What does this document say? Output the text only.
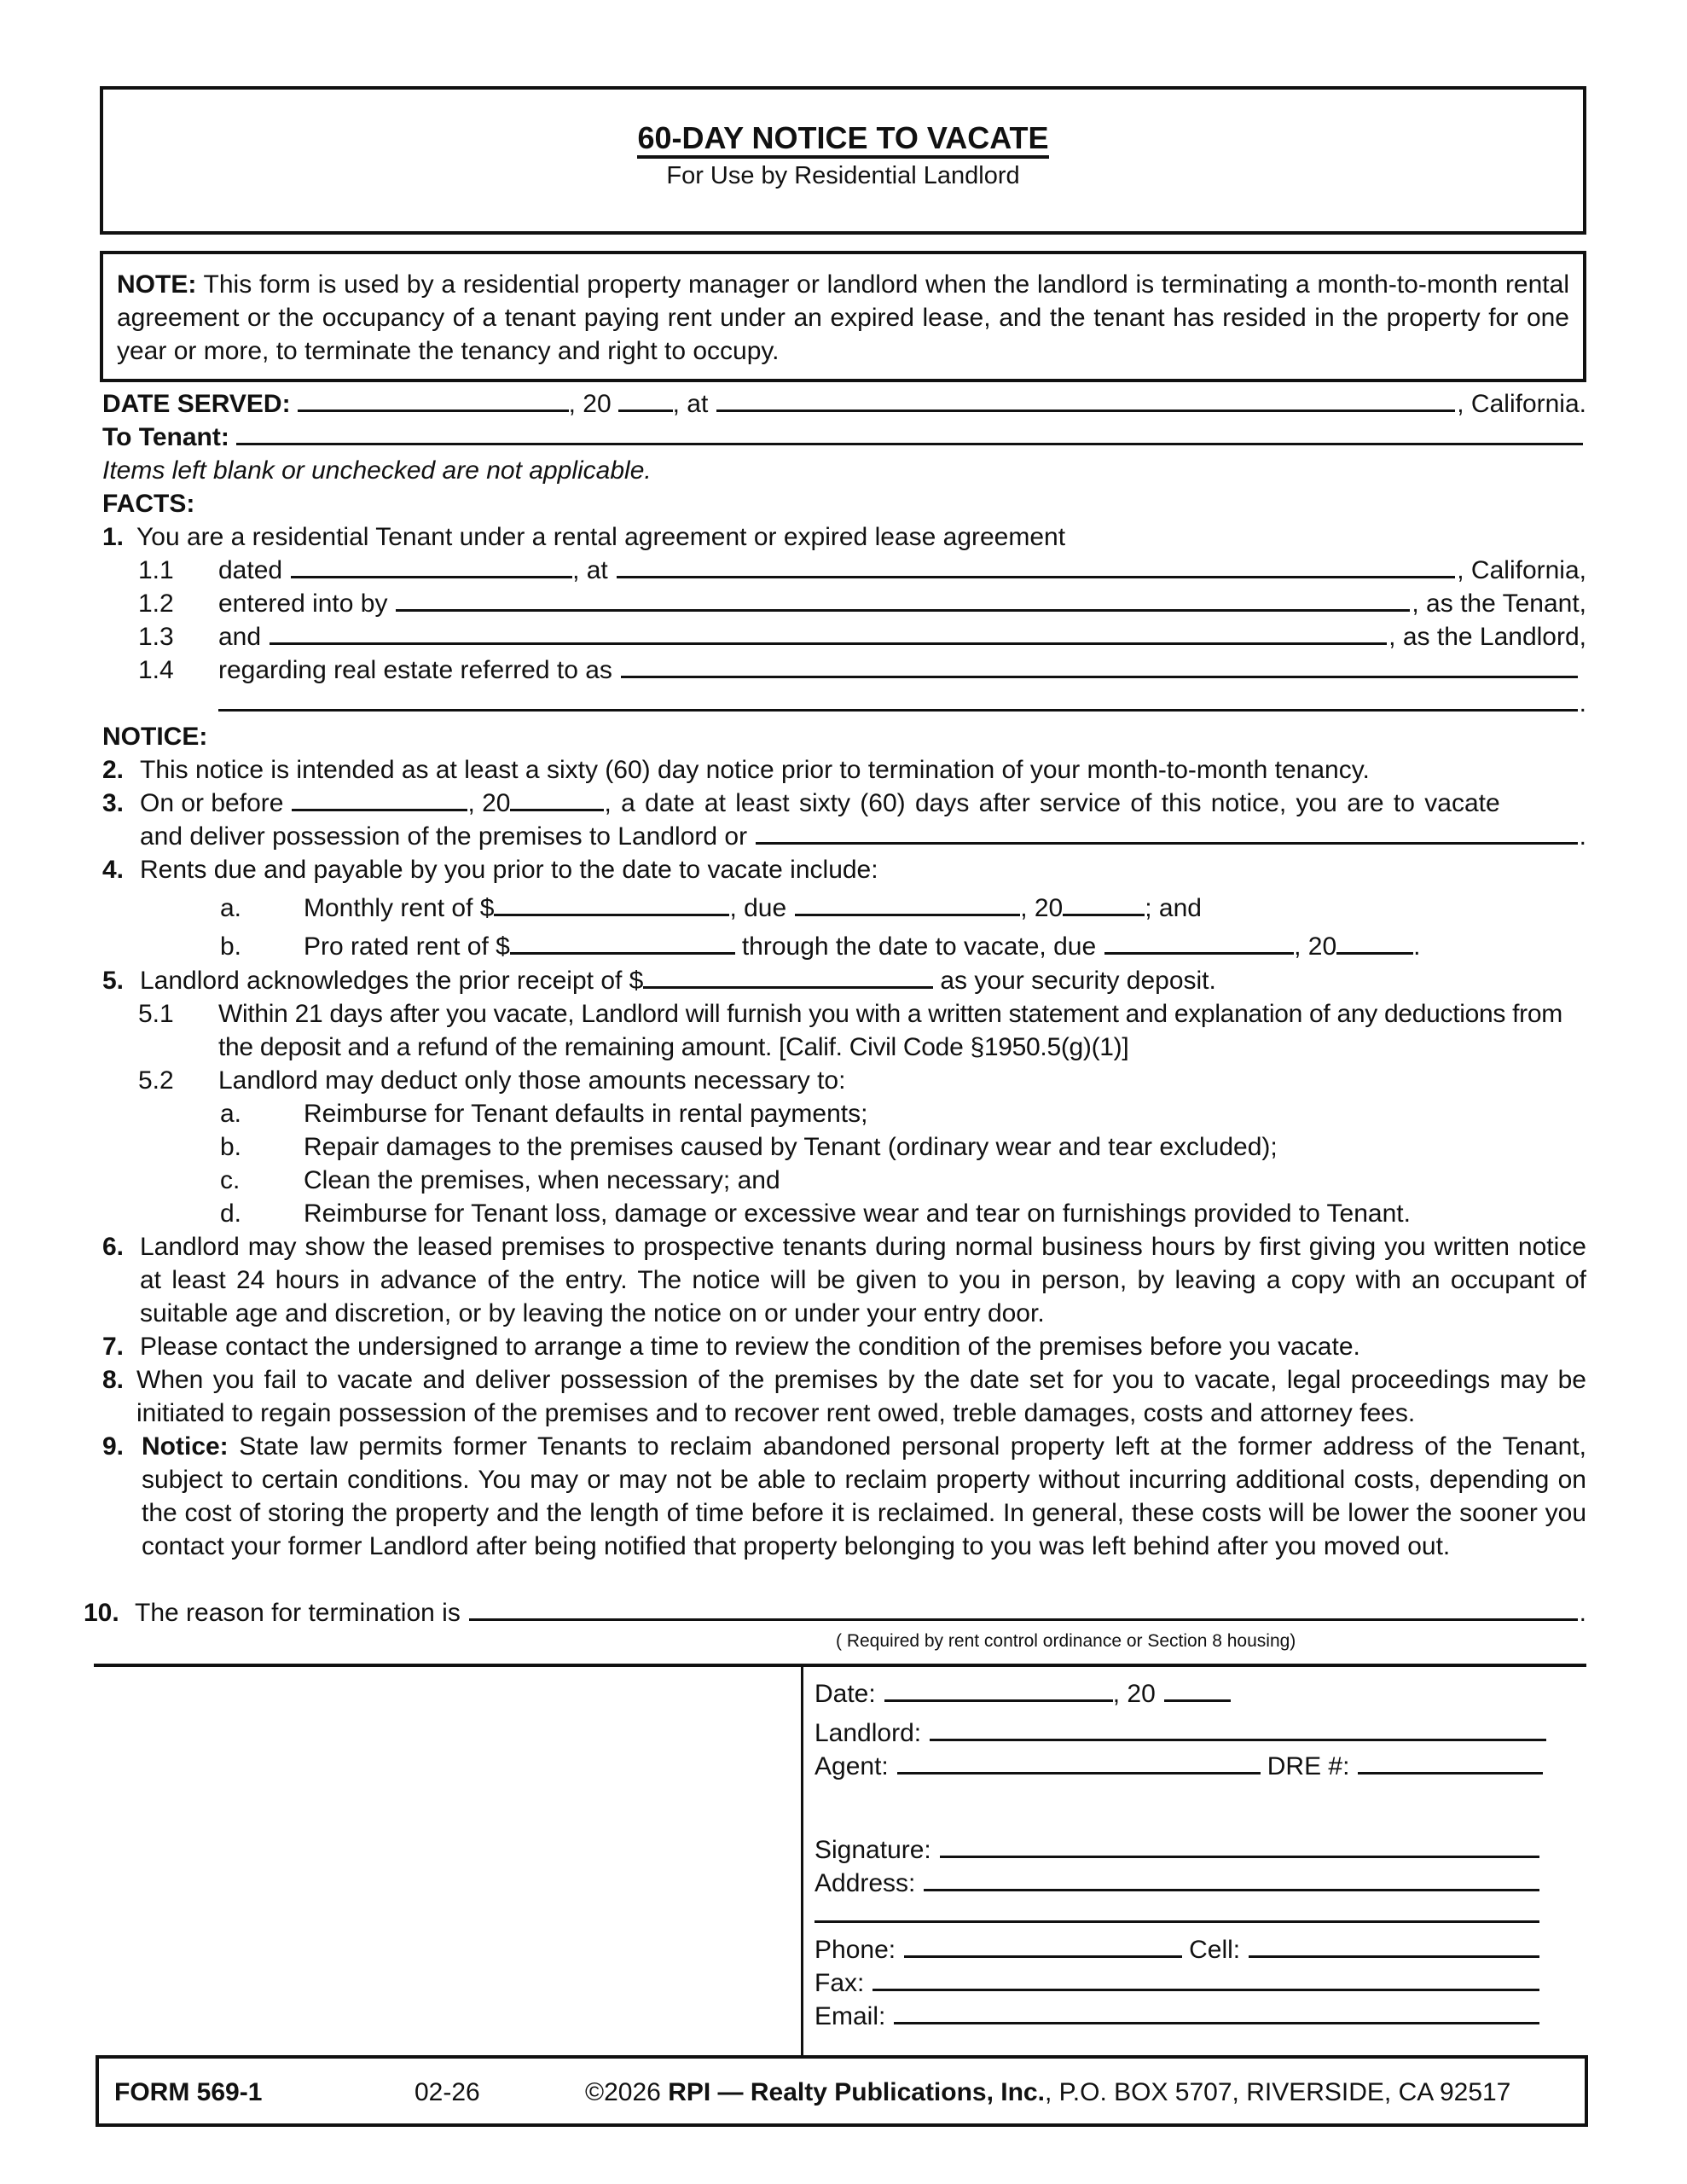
60-DAY NOTICE TO VACATE
For Use by Residential Landlord
NOTE: This form is used by a residential property manager or landlord when the landlord is terminating a month-to-month rental agreement or the occupancy of a tenant paying rent under an expired lease, and the tenant has resided in the property for one year or more, to terminate the tenancy and right to occupy.
DATE SERVED:	, 20 , at	, California.
To Tenant:
Items left blank or unchecked are not applicable.
FACTS:
1. You are a residential Tenant under a rental agreement or expired lease agreement
1.1	dated	, at	, California,
1.2	entered into by	, as the Tenant,
1.3	and	, as the Landlord,
1.4	regarding real estate referred to as
.
NOTICE:
2. This notice is intended as at least a sixty (60) day notice prior to termination of your month-to-month tenancy.
3. On or before	, 20	, a date at least sixty (60) days after service of this notice, you are to vacate
and deliver possession of the premises to Landlord or	.
4. Rents due and payable by you prior to the date to vacate include:
a.	Monthly rent of $	, due	, 20	; and
b.	Pro rated rent of $	through the date to vacate, due	, 20	.
5. Landlord acknowledges the prior receipt of $	as your security deposit.
5.1 Within 21 days after you vacate, Landlord will furnish you with a written statement and explanation of any deductions from the deposit and a refund of the remaining amount. [Calif. Civil Code §1950.5(g)(1)]
5.2 Landlord may deduct only those amounts necessary to:
a. Reimburse for Tenant defaults in rental payments;
b. Repair damages to the premises caused by Tenant (ordinary wear and tear excluded);
c. Clean the premises, when necessary; and
d. Reimburse for Tenant loss, damage or excessive wear and tear on furnishings provided to Tenant.
6. Landlord may show the leased premises to prospective tenants during normal business hours by first giving you written notice at least 24 hours in advance of the entry. The notice will be given to you in person, by leaving a copy with an occupant of suitable age and discretion, or by leaving the notice on or under your entry door.
7. Please contact the undersigned to arrange a time to review the condition of the premises before you vacate.
8. When you fail to vacate and deliver possession of the premises by the date set for you to vacate, legal proceedings may be initiated to regain possession of the premises and to recover rent owed, treble damages, costs and attorney fees.
9. Notice: State law permits former Tenants to reclaim abandoned personal property left at the former address of the Tenant, subject to certain conditions. You may or may not be able to reclaim property without incurring additional costs, depending on the cost of storing the property and the length of time before it is reclaimed. In general, these costs will be lower the sooner you contact your former Landlord after being notified that property belonging to you was left behind after you moved out.
10. The reason for termination is	.
( Required by rent control ordinance or Section 8 housing)
Date:	, 20
Landlord:
Agent:	DRE #:
Signature:
Address:
Phone:	Cell:
Fax:
Email:
FORM 569-1	02-26	©2026 RPI — Realty Publications, Inc., P.O. BOX 5707, RIVERSIDE, CA 92517
